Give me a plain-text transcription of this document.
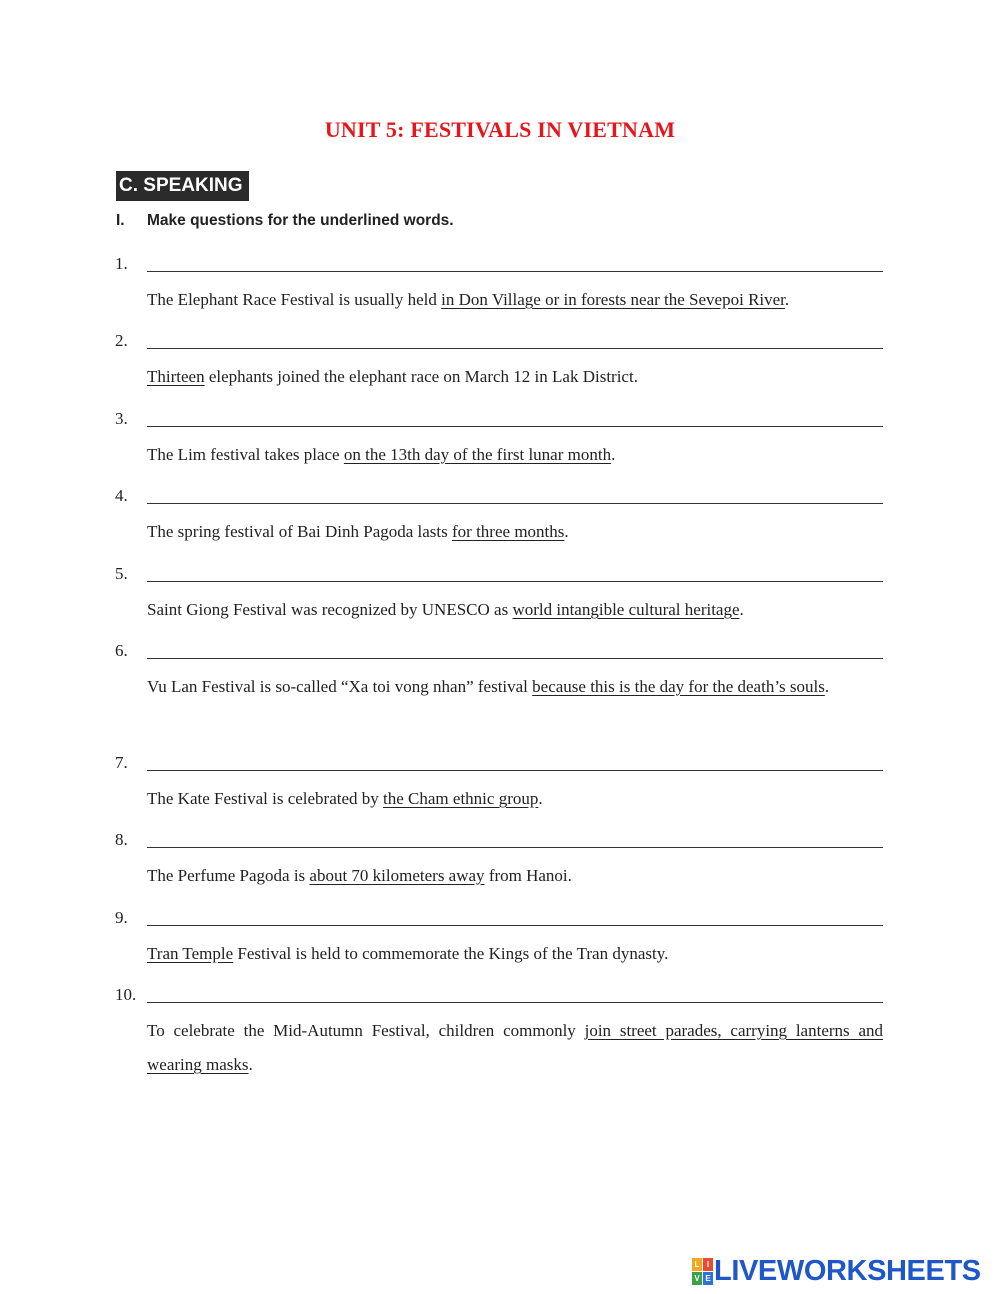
UNIT 5: FESTIVALS IN VIETNAM
C. SPEAKING
I. Make questions for the underlined words.
1.
The Elephant Race Festival is usually held in Don Village or in forests near the Sevepoi River.
2.
Thirteen elephants joined the elephant race on March 12 in Lak District.
3.
The Lim festival takes place on the 13th day of the first lunar month.
4.
The spring festival of Bai Dinh Pagoda lasts for three months.
5.
Saint Giong Festival was recognized by UNESCO as world intangible cultural heritage.
6.
Vu Lan Festival is so-called “Xa toi vong nhan” festival because this is the day for the death’s souls.
7.
The Kate Festival is celebrated by the Cham ethnic group.
8.
The Perfume Pagoda is about 70 kilometers away from Hanoi.
9.
Tran Temple Festival is held to commemorate the Kings of the Tran dynasty.
10.
To celebrate the Mid-Autumn Festival, children commonly join street parades, carrying lanterns and wearing masks.
L I
V E LIVEWORKSHEETS
